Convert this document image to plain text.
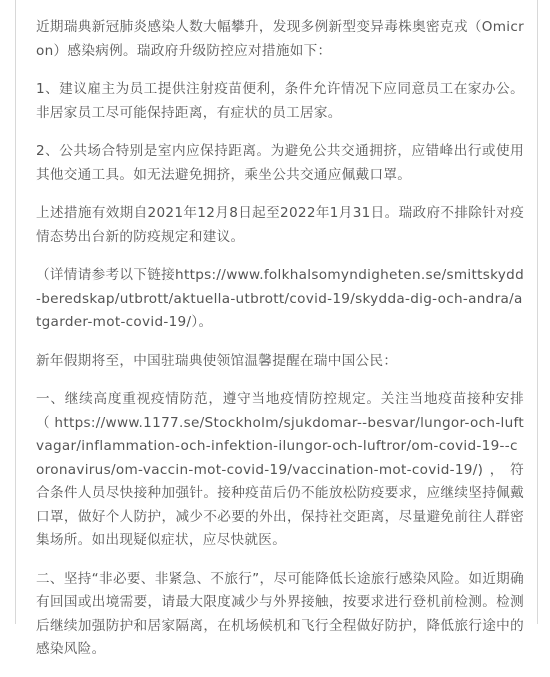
近期瑞典新冠肺炎感染人数大幅攀升，发现多例新型变异毒株奥密克戎（Omicron）感染病例。瑞政府升级防控应对措施如下：

1、建议雇主为员工提供注射疫苗便利，条件允许情况下应同意员工在家办公。非居家员工尽可能保持距离，有症状的员工居家。

2、公共场合特别是室内应保持距离。为避免公共交通拥挤，应错峰出行或使用其他交通工具。如无法避免拥挤，乘坐公共交通应佩戴口罩。

上述措施有效期自2021年12月8日起至2022年1月31日。瑞政府不排除针对疫情态势出台新的防疫规定和建议。

（详情请参考以下链接https://www.folkhalsomyndigheten.se/smittskydd-beredskap/utbrott/aktuella-utbrott/covid-19/skydda-dig-och-andra/atgarder-mot-covid-19/）。

新年假期将至，中国驻瑞典使领馆温馨提醒在瑞中国公民：

一、继续高度重视疫情防范，遵守当地疫情防控规定。关注当地疫苗接种安排（https://www.1177.se/Stockholm/sjukdomar--besvar/lungor-och-luftvagar/inflammation-och-infektion-ilungor-och-luftror/om-covid-19--coronavirus/om-vaccin-mot-covid-19/vaccination-mot-covid-19/)，符合条件人员尽快接种加强针。接种疫苗后仍不能放松防疫要求，应继续坚持佩戴口罩，做好个人防护，减少不必要的外出，保持社交距离，尽量避免前往人群密集场所。如出现疑似症状，应尽快就医。

二、坚持“非必要、非紧急、不旅行”，尽可能降低长途旅行感染风险。如近期确有回国或出境需要，请最大限度减少与外界接触，按要求进行登机前检测。检测后继续加强防护和居家隔离，在机场候机和飞行全程做好防护，降低旅行途中的感染风险。
